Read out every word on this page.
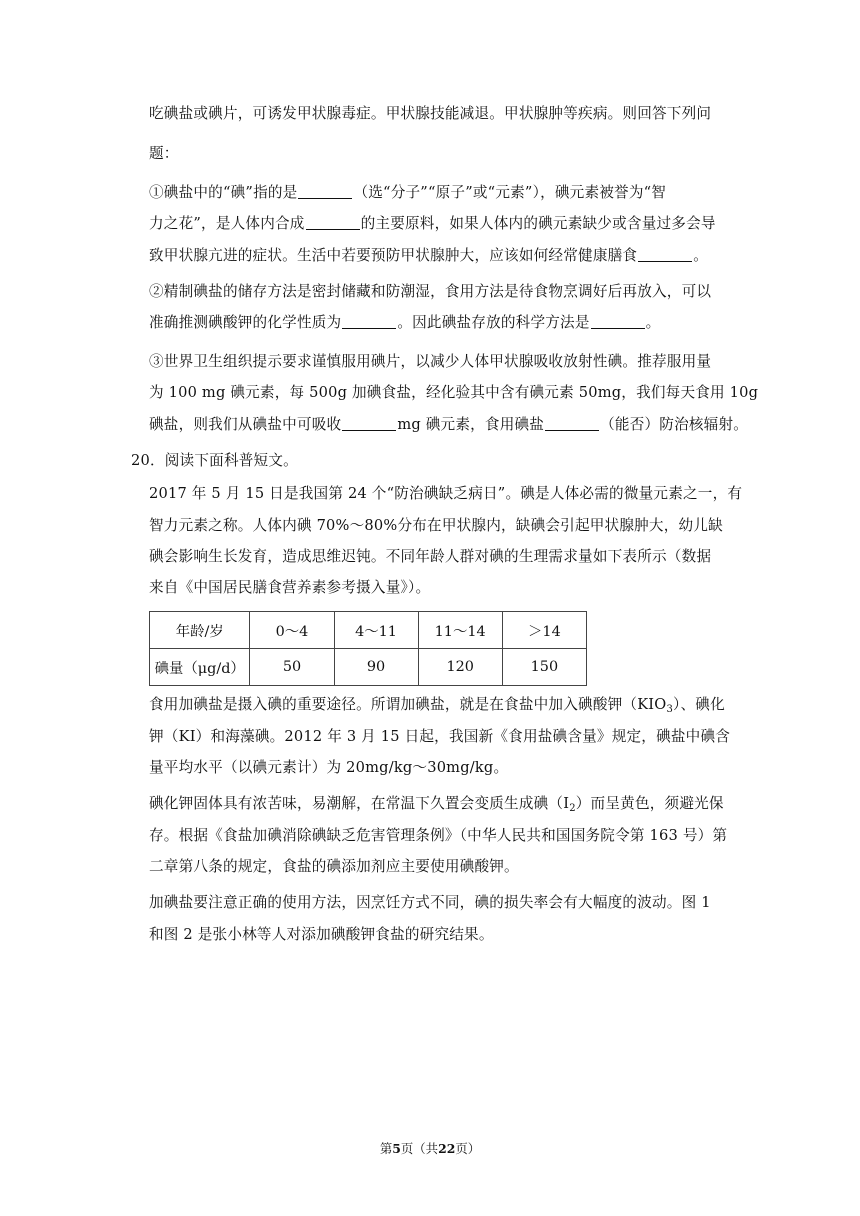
吃碘盐或碘片，可诱发甲状腺毒症。甲状腺技能减退。甲状腺肿等疾病。则回答下列问
题：
①碘盐中的“碘”指的是	（选“分子”“原子”或“元素”），碘元素被誉为“智
力之花”，是人体内合成	的主要原料，如果人体内的碘元素缺少或含量过多会导
致甲状腺亢进的症状。生活中若要预防甲状腺肿大，应该如何经常健康膳食	。
②精制碘盐的储存方法是密封储藏和防潮湿，食用方法是待食物烹调好后再放入，可以
准确推测碘酸钾的化学性质为	。因此碘盐存放的科学方法是	。
③世界卫生组织提示要求谨慎服用碘片，以减少人体甲状腺吸收放射性碘。推荐服用量
为 100 mg 碘元素，每 500g 加碘食盐，经化验其中含有碘元素 50mg，我们每天食用 10g
碘盐，则我们从碘盐中可吸收	mg 碘元素，食用碘盐	（能否）防治核辐射。
20．阅读下面科普短文。
2017 年 5 月 15 日是我国第 24 个“防治碘缺乏病日”。碘是人体必需的微量元素之一，有
智力元素之称。人体内碘 70%～80%分布在甲状腺内，缺碘会引起甲状腺肿大，幼儿缺
碘会影响生长发育，造成思维迟钝。不同年龄人群对碘的生理需求量如下表所示（数据
来自《中国居民膳食营养素参考摄入量》）。
年龄/岁	0～4	4～11	11～14	＞14
碘量（μg/d）	50	90	120	150
食用加碘盐是摄入碘的重要途径。所谓加碘盐，就是在食盐中加入碘酸钾$(KIO_3)$、碘化
钾（KI）和海藻碘。2012 年 3 月 15 日起，我国新《食用盐碘含量》规定，碘盐中碘含
量平均水平（以碘元素计）为 20mg/kg～30mg/kg。
碘化钾固体具有浓苦味，易潮解，在常温下久置会变质生成碘$(I_2)$而呈黄色，须避光保
存。根据《食盐加碘消除碘缺乏危害管理条例》（中华人民共和国国务院令第 163 号）第
二章第八条的规定，食盐的碘添加剂应主要使用碘酸钾。
加碘盐要注意正确的使用方法，因烹饪方式不同，碘的损失率会有大幅度的波动。图 1
和图 2 是张小林等人对添加碘酸钾食盐的研究结果。
第5页（共22页）
